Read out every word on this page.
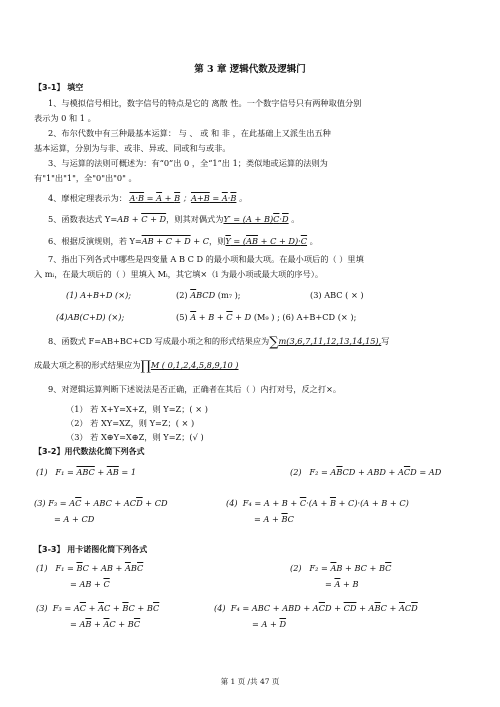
第 3 章 逻辑代数及逻辑门
【3-1】 填空
1、与模拟信号相比，数字信号的特点是它的 离散 性。一个数字信号只有两种取值分别
表示为 0 和 1 。
2、布尔代数中有三种最基本运算： 与 、 或 和 非 ，在此基础上又派生出五种
基本运算，分别为与非、或非、异或、同或和与或非。
3、与运算的法则可概述为：有“0”出 0 ，全“1”出 1；类似地或运算的法则为
有"1"出"1"，全"0"出"0" 。
4、摩根定理表示为： A·B = A + B ；A+B = A·B 。
5、函数表达式 Y=AB + C + D，则其对偶式为Y′ = (A + B)C·D 。
6、根据反演规则，若 Y=AB + C + D + C，则Y = (AB + C + D)·C 。
7、指出下列各式中哪些是四变量 A B C D 的最小项和最大项。在最小项后的（ ）里填
入 mᵢ，在最大项后的（ ）里填入 Mᵢ，其它填×（i 为最小项或最大项的序号）。
(1) A+B+D (×);	(2) $\overline{A}BCD$ (m₇ );	(3) ABC ( × )
(4)AB(C+D) (×);	(5) $\overline{A} + B + \overline{C} + D$ (M₉ ) ; (6) A+B+CD (× );
8、函数式 F=AB+BC+CD 写成最小项之和的形式结果应为∑m(3,6,7,11,12,13,14,15),写
成最大项之积的形式结果应为∏M ( 0,1,2,4,5,8,9,10 )
9、对逻辑运算判断下述说法是否正确，正确者在其后（ ）内打对号，反之打×。
（1） 若 X+Y=X+Z，则 Y=Z；( × )
（2） 若 XY=XZ，则 Y=Z；( × )
（3） 若 X⊕Y=X⊕Z，则 Y=Z；(√ )
【3-2】用代数法化简下列各式
(1)   $F_1 = \overline{ABC}$ + AB = 1	(2)   $F_2 = A\overline{B}CD$ + ABD + $A\overline{C}D$ = AD
(3) $F_3 = A\overline{C}$ + ABC + $AC\overline{D}$ + CD
= A + CD
(4)  $F_4 = A + B + C\cdot(A + \overline{B} + C)\cdot(A + B + C)$
= $A + \overline{B}C$
【3-3】 用卡诺图化简下列各式
(1)   $F_1 = \overline{B}C$ + AB + $\overline{A}B\overline{C}$
= AB + $\overline{C}$
(2)   $F_2 = \overline{A}B$ + BC + $B\overline{C}$
= $\overline{A} + B$
(3)  $F_3 = A\overline{C} + \overline{A}C + \overline{B}C + B\overline{C}$
= $A\overline{B} + \overline{A}C + B\overline{C}$
(4)  F₄ = ABC + ABD + $A\overline{C}D + \overline{CD} + A\overline{B}C + \overline{A}C\overline{D}$
= $A + \overline{D}$
第 1 页 /共 47 页
